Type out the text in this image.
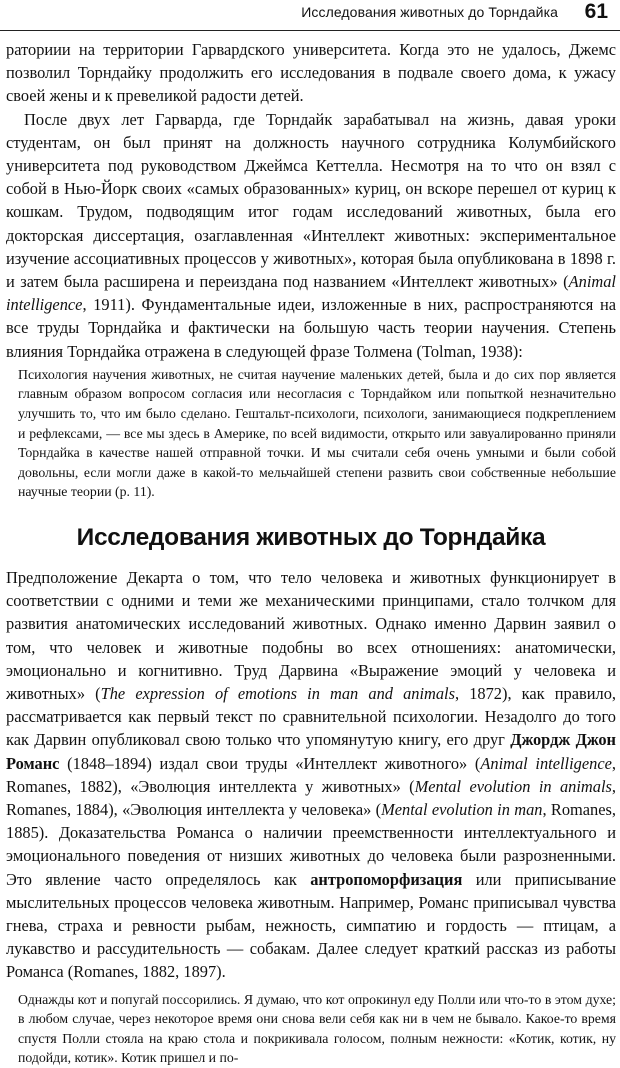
Исследования животных до Торндайка 61

раториии на территории Гарвардского университета. Когда это не удалось, Джемс позволил Торндайку продолжить его исследования в подвале своего дома, к ужасу своей жены и к превеликой радости детей.

После двух лет Гарварда, где Торндайк зарабатывал на жизнь, давая уроки студентам, он был принят на должность научного сотрудника Колумбийского университета под руководством Джеймса Кеттелла. Несмотря на то что он взял с собой в Нью-Йорк своих «самых образованных» куриц, он вскоре перешел от куриц к кошкам. Трудом, подводящим итог годам исследований животных, была его докторская диссертация, озаглавленная «Интеллект животных: экспериментальное изучение ассоциативных процессов у животных», которая была опубликована в 1898 г. и затем была расширена и переиздана под названием «Интеллект животных» (Animal intelligence, 1911). Фундаментальные идеи, изложенные в них, распространяются на все труды Торндайка и фактически на большую часть теории научения. Степень влияния Торндайка отражена в следующей фразе Толмена (Tolman, 1938):

Психология научения животных, не считая научение маленьких детей, была и до сих пор является главным образом вопросом согласия или несогласия с Торндайком или попыткой незначительно улучшить то, что им было сделано. Гештальт-психологи, психологи, занимающиеся подкреплением и рефлексами, — все мы здесь в Америке, по всей видимости, открыто или завуалированно приняли Торндайка в качестве нашей отправной точки. И мы считали себя очень умными и были собой довольны, если могли даже в какой-то мельчайшей степени развить свои собственные небольшие научные теории (p. 11).

Исследования животных до Торндайка

Предположение Декарта о том, что тело человека и животных функционирует в соответствии с одними и теми же механическими принципами, стало толчком для развития анатомических исследований животных. Однако именно Дарвин заявил о том, что человек и животные подобны во всех отношениях: анатомически, эмоционально и когнитивно. Труд Дарвина «Выражение эмоций у человека и животных» (The expression of emotions in man and animals, 1872), как правило, рассматривается как первый текст по сравнительной психологии. Незадолго до того как Дарвин опубликовал свою только что упомянутую книгу, его друг Джордж Джон Романс (1848–1894) издал свои труды «Интеллект животного» (Animal intelligence, Romanes, 1882), «Эволюция интеллекта у животных» (Mental evolution in animals, Romanes, 1884), «Эволюция интеллекта у человека» (Mental evolution in man, Romanes, 1885). Доказательства Романса о наличии преемственности интеллектуального и эмоционального поведения от низших животных до человека были разрозненными. Это явление часто определялось как антропоморфизация или приписывание мыслительных процессов человека животным. Например, Романс приписывал чувства гнева, страха и ревности рыбам, нежность, симпатию и гордость — птицам, а лукавство и рассудительность — собакам. Далее следует краткий рассказ из работы Романса (Romanes, 1882, 1897).

Однажды кот и попугай поссорились. Я думаю, что кот опрокинул еду Полли или что-то в этом духе; в любом случае, через некоторое время они снова вели себя как ни в чем не бывало. Какое-то время спустя Полли стояла на краю стола и покрикивала голосом, полным нежности: «Котик, котик, ну подойди, котик». Котик пришел и по-
